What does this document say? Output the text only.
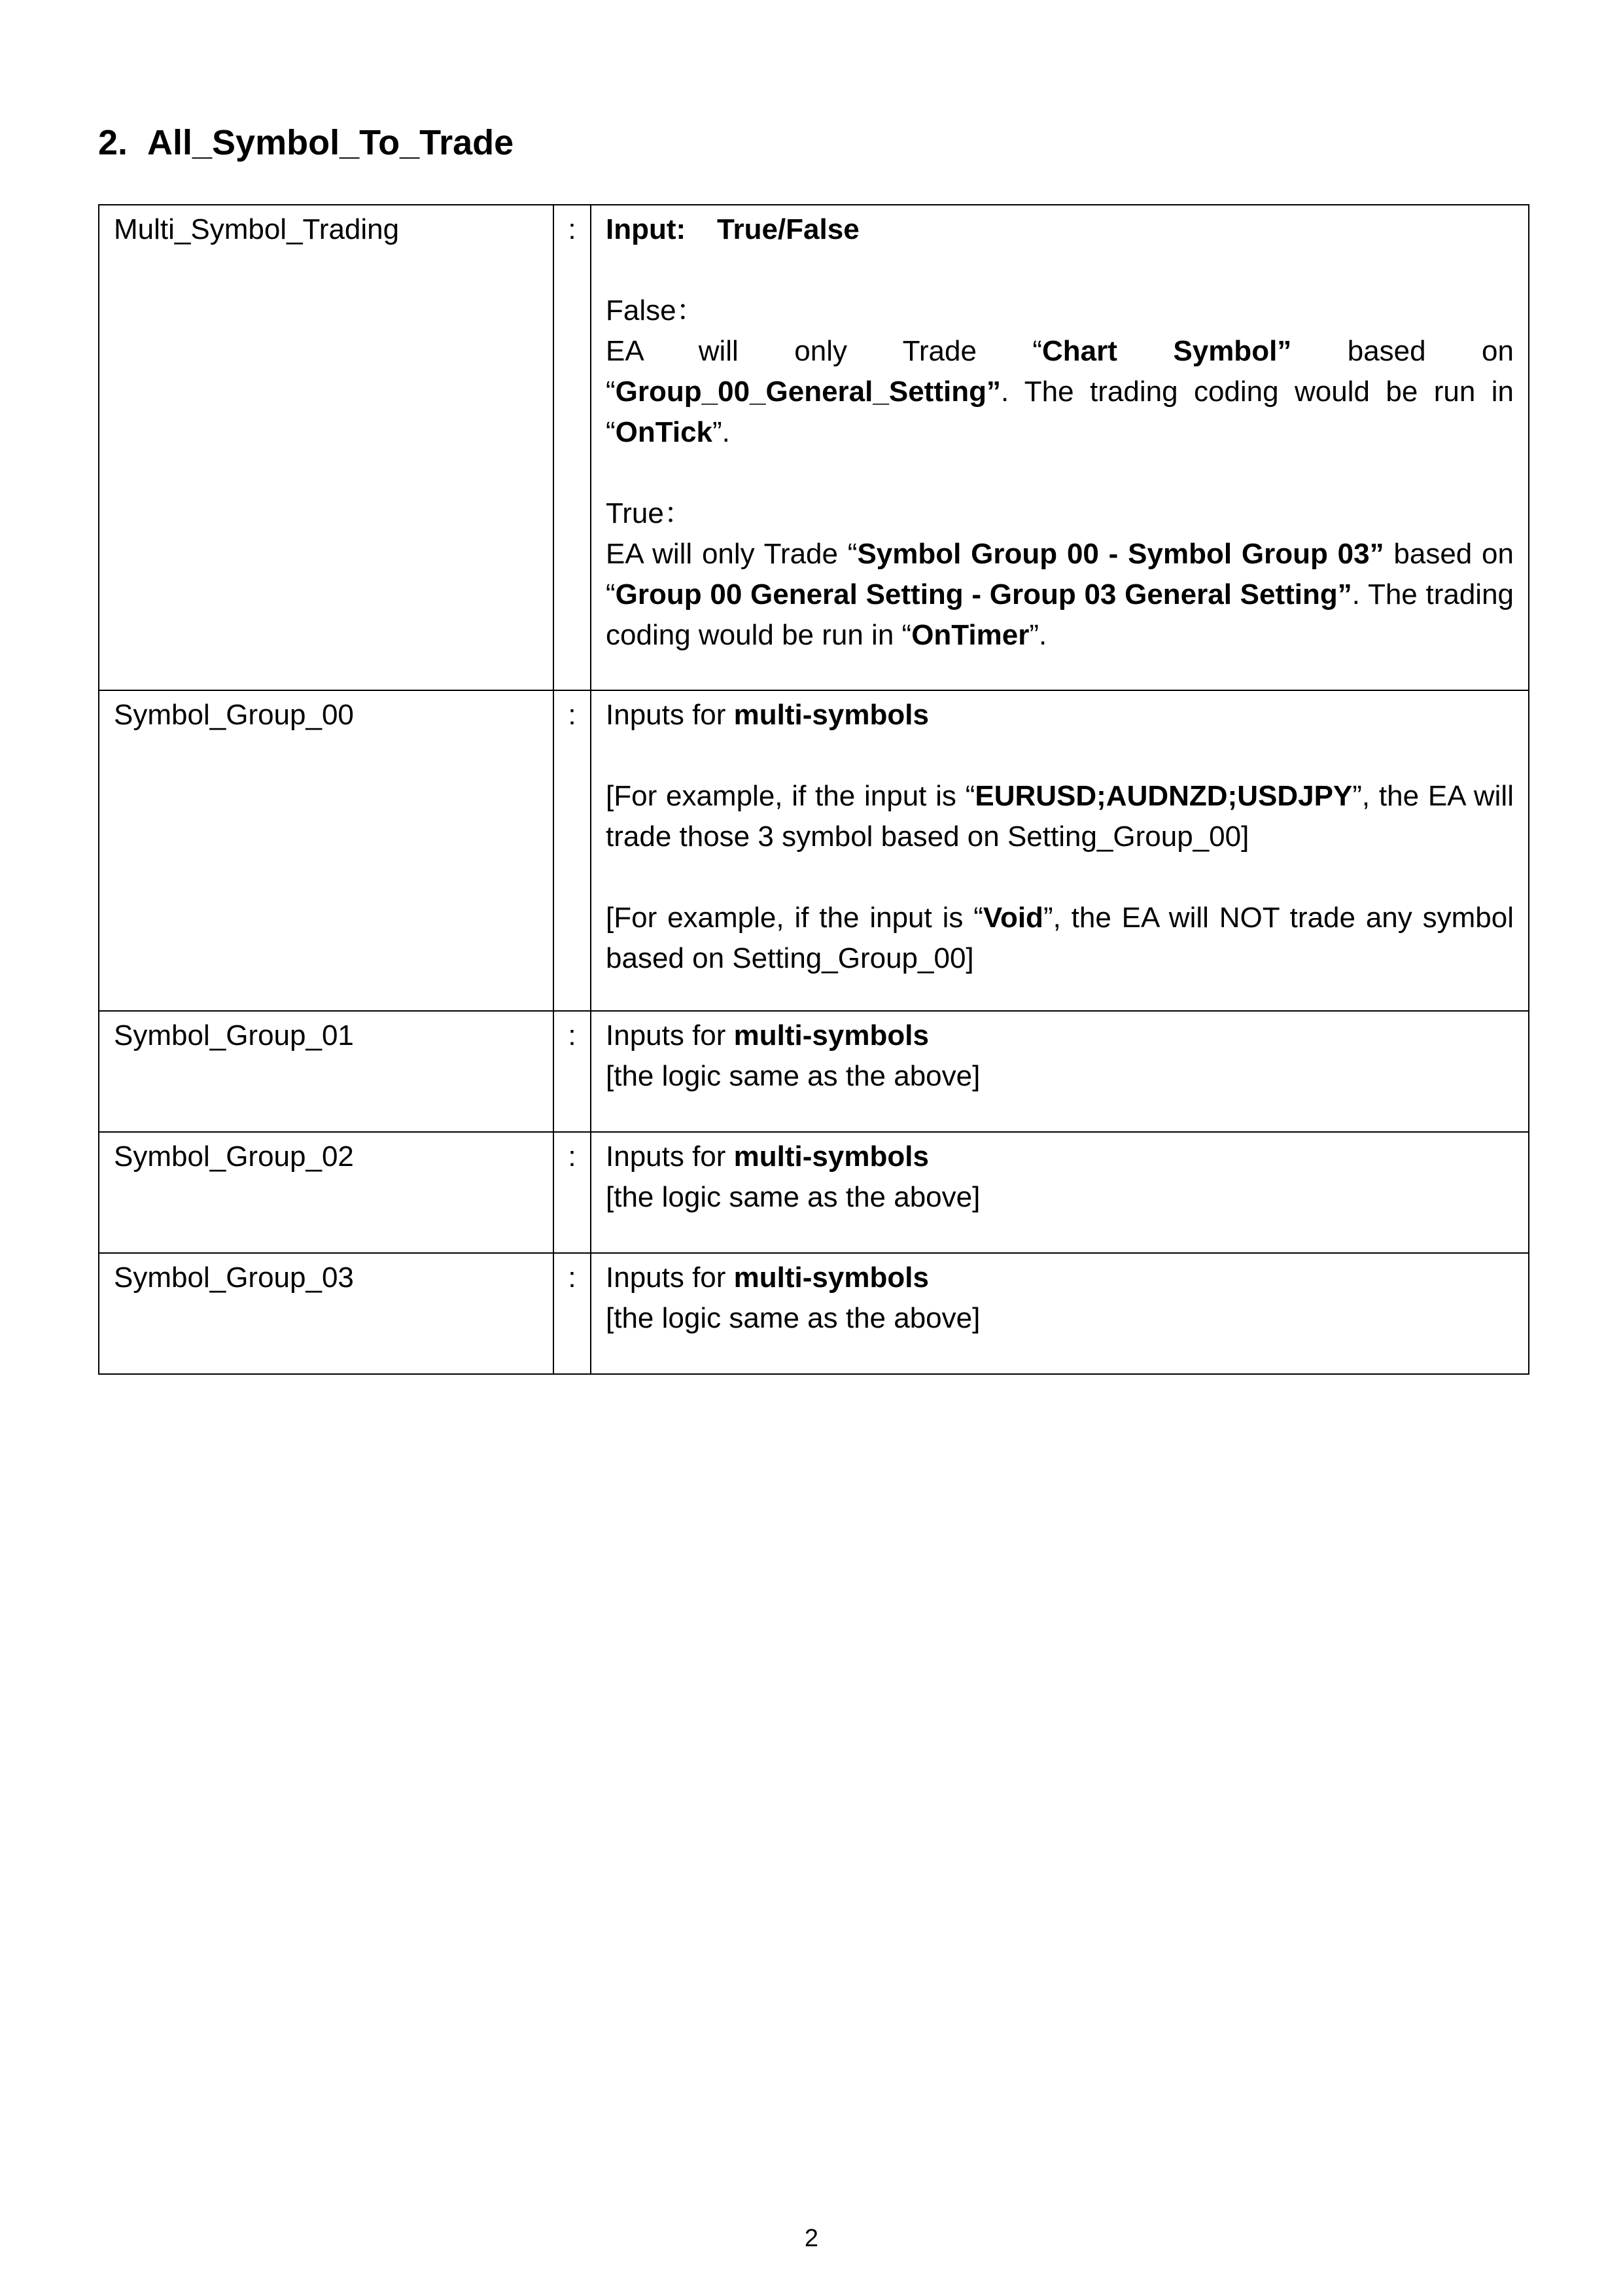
2. All_Symbol_To_Trade
Multi_Symbol_Trading	:	Input: True/False

False：
EA will only Trade “Chart Symbol” based on “Group_00_General_Setting”. The trading coding would be run in “OnTick”.
True：
EA will only Trade “Symbol Group 00 - Symbol Group 03” based on “Group 00 General Setting - Group 03 General Setting”. The trading coding would be run in “OnTimer”.

Symbol_Group_00	:	Inputs for multi-symbols

[For example, if the input is “EURUSD;AUDNZD;USDJPY”, the EA will trade those 3 symbol based on Setting_Group_00]

[For example, if the input is “Void”, the EA will NOT trade any symbol based on Setting_Group_00]

Symbol_Group_01	:	Inputs for multi-symbols
[the logic same as the above]

Symbol_Group_02	:	Inputs for multi-symbols
[the logic same as the above]

Symbol_Group_03	:	Inputs for multi-symbols
[the logic same as the above]
2
